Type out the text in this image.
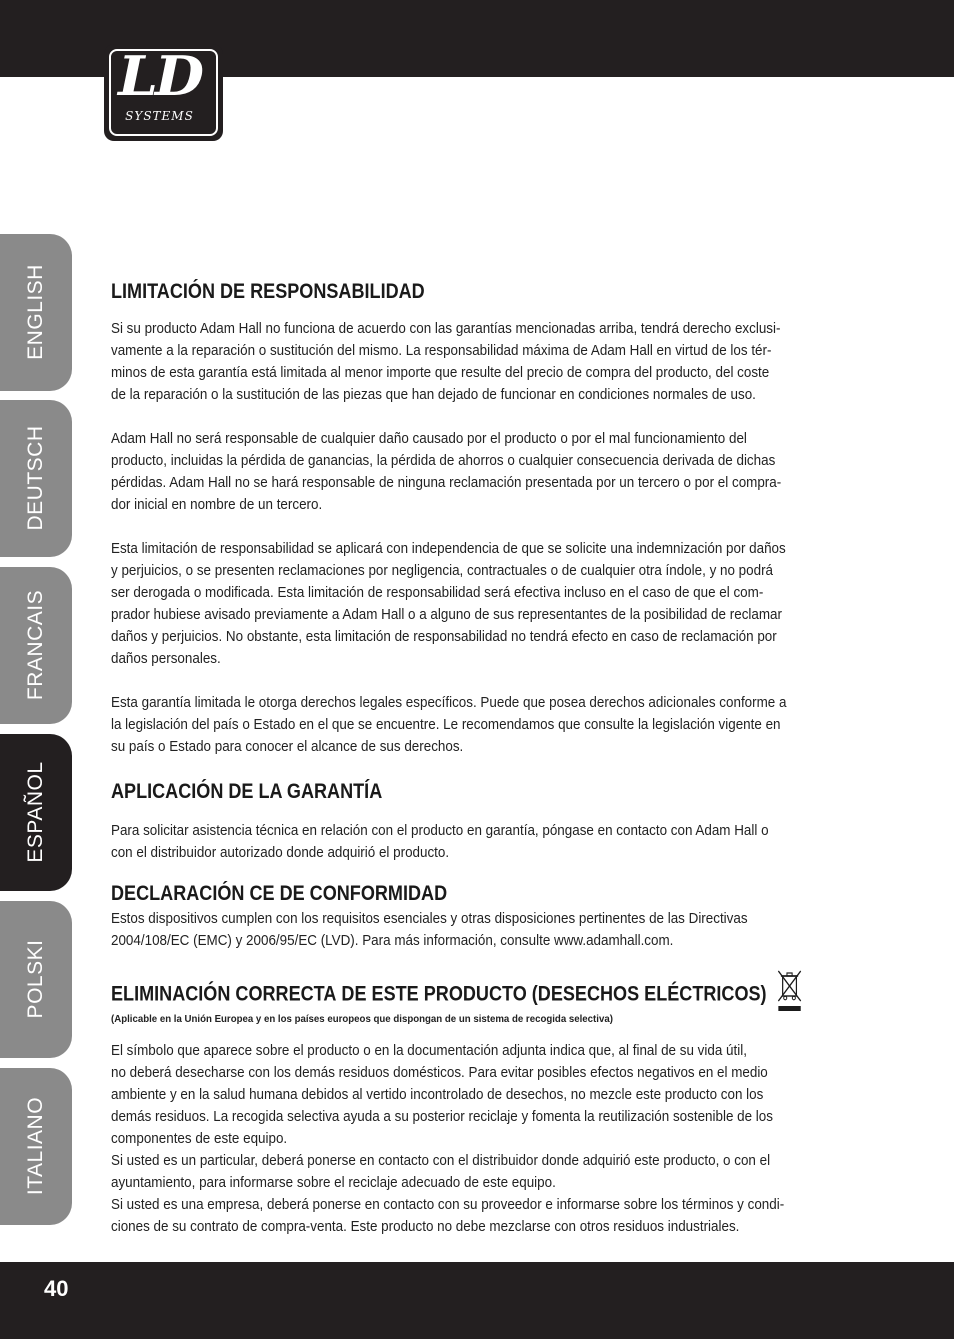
LD
SYSTEMS
ENGLISH
DEUTSCH
FRANCAIS
ESPAÑOL
POLSKI
ITALIANO
LIMITACIÓN DE RESPONSABILIDAD

Si su producto Adam Hall no funciona de acuerdo con las garantías mencionadas arriba, tendrá derecho exclusi-
vamente a la reparación o sustitución del mismo. La responsabilidad máxima de Adam Hall en virtud de los tér-
minos de esta garantía está limitada al menor importe que resulte del precio de compra del producto, del coste
de la reparación o la sustitución de las piezas que han dejado de funcionar en condiciones normales de uso.

Adam Hall no será responsable de cualquier daño causado por el producto o por el mal funcionamiento del
producto, incluidas la pérdida de ganancias, la pérdida de ahorros o cualquier consecuencia derivada de dichas
pérdidas. Adam Hall no se hará responsable de ninguna reclamación presentada por un tercero o por el compra-
dor inicial en nombre de un tercero.

Esta limitación de responsabilidad se aplicará con independencia de que se solicite una indemnización por daños
y perjuicios, o se presenten reclamaciones por negligencia, contractuales o de cualquier otra índole, y no podrá
ser derogada o modificada. Esta limitación de responsabilidad será efectiva incluso en el caso de que el com-
prador hubiese avisado previamente a Adam Hall o a alguno de sus representantes de la posibilidad de reclamar
daños y perjuicios. No obstante, esta limitación de responsabilidad no tendrá efecto en caso de reclamación por
daños personales.

Esta garantía limitada le otorga derechos legales específicos. Puede que posea derechos adicionales conforme a
la legislación del país o Estado en el que se encuentre. Le recomendamos que consulte la legislación vigente en
su país o Estado para conocer el alcance de sus derechos.

APLICACIÓN DE LA GARANTÍA

Para solicitar asistencia técnica en relación con el producto en garantía, póngase en contacto con Adam Hall o
con el distribuidor autorizado donde adquirió el producto.

DECLARACIÓN CE DE CONFORMIDAD

Estos dispositivos cumplen con los requisitos esenciales y otras disposiciones pertinentes de las Directivas
2004/108/EC (EMC) y 2006/95/EC (LVD). Para más información, consulte www.adamhall.com.

ELIMINACIÓN CORRECTA DE ESTE PRODUCTO (DESECHOS ELÉCTRICOS)

(Aplicable en la Unión Europea y en los países europeos que dispongan de un sistema de recogida selectiva)

El símbolo que aparece sobre el producto o en la documentación adjunta indica que, al final de su vida útil,
no deberá desecharse con los demás residuos domésticos. Para evitar posibles efectos negativos en el medio
ambiente y en la salud humana debidos al vertido incontrolado de desechos, no mezcle este producto con los
demás residuos. La recogida selectiva ayuda a su posterior reciclaje y fomenta la reutilización sostenible de los
componentes de este equipo.
Si usted es un particular, deberá ponerse en contacto con el distribuidor donde adquirió este producto, o con el
ayuntamiento, para informarse sobre el reciclaje adecuado de este equipo.
Si usted es una empresa, deberá ponerse en contacto con su proveedor e informarse sobre los términos y condi-
ciones de su contrato de compra-venta. Este producto no debe mezclarse con otros residuos industriales.

40
